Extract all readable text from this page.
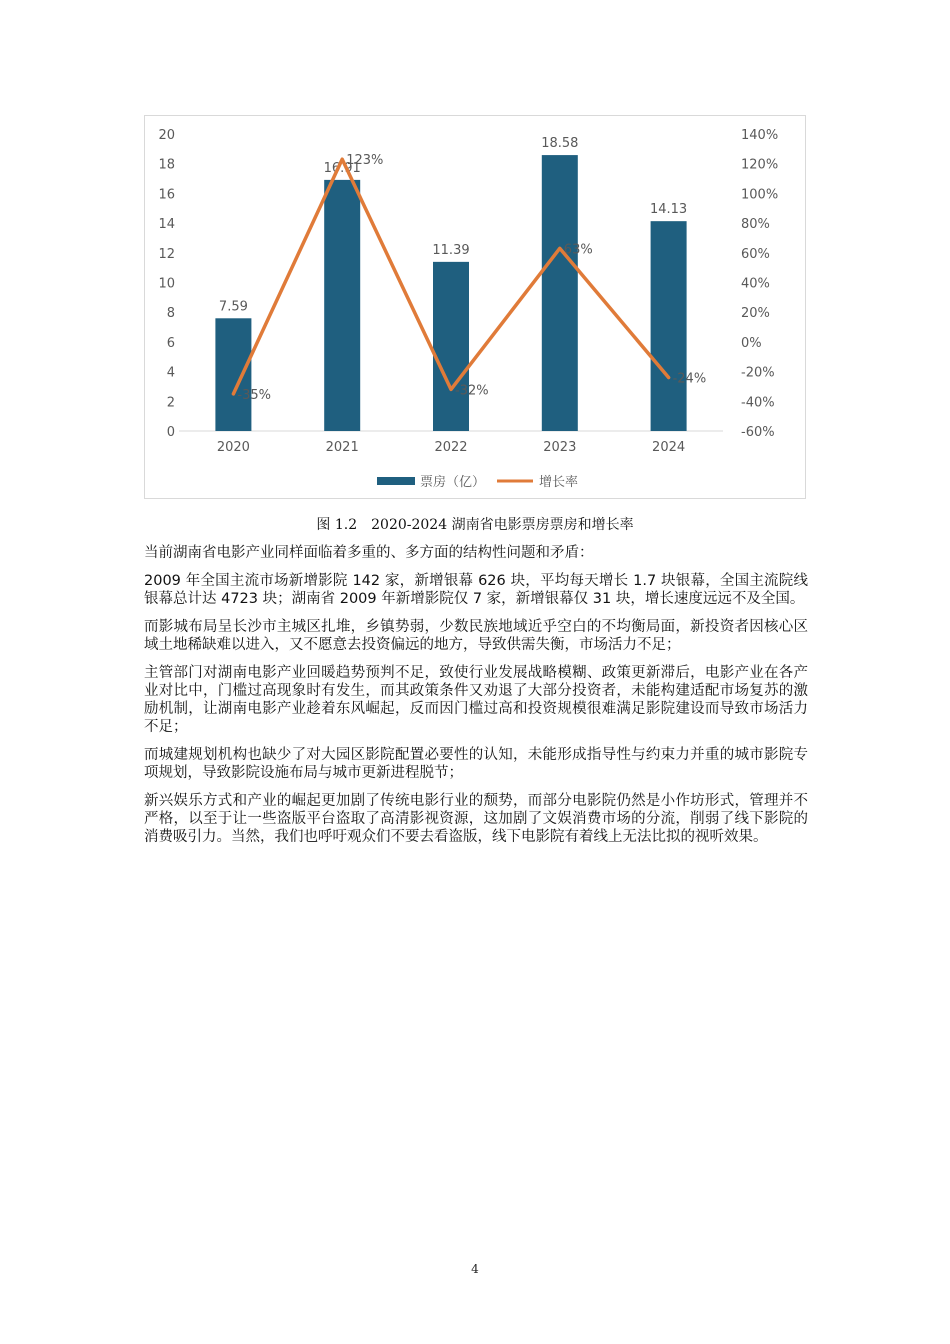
0
2
4
6
8
10
12
14
16
18
20
-60%
-40%
-20%
0%
20%
40%
60%
80%
100%
120%
140%
2020	2021	2022	2023	2024
7.59
16.91
11.39
18.58
14.13
-35%
123%
-32%
63%
-24%
票房（亿）	增长率
图 1.2 2020-2024 湖南省电影票房票房和增长率

当前湖南省电影产业同样面临着多重的、多方面的结构性问题和矛盾：

2009 年全国主流市场新增影院 142 家，新增银幕 626 块，平均每天增长 1.7 块银幕，全国主流院线银幕总计达 4723 块；湖南省 2009 年新增影院仅 7 家，新增银幕仅 31 块，增长速度远远不及全国。

而影城布局呈长沙市主城区扎堆，乡镇势弱，少数民族地域近乎空白的不均衡局面，新投资者因核心区域土地稀缺难以进入，又不愿意去投资偏远的地方，导致供需失衡，市场活力不足；

主管部门对湖南电影产业回暖趋势预判不足，致使行业发展战略模糊、政策更新滞后，电影产业在各产业对比中，门槛过高现象时有发生，而其政策条件又劝退了大部分投资者，未能构建适配市场复苏的激励机制，让湖南电影产业趁着东风崛起，反而因门槛过高和投资规模很难满足影院建设而导致市场活力不足；

而城建规划机构也缺少了对大园区影院配置必要性的认知，未能形成指导性与约束力并重的城市影院专项规划，导致影院设施布局与城市更新进程脱节；

新兴娱乐方式和产业的崛起更加剧了传统电影行业的颓势，而部分电影院仍然是小作坊形式，管理并不严格，以至于让一些盗版平台盗取了高清影视资源，这加剧了文娱消费市场的分流，削弱了线下影院的消费吸引力。当然，我们也呼吁观众们不要去看盗版，线下电影院有着线上无法比拟的视听效果。

4
